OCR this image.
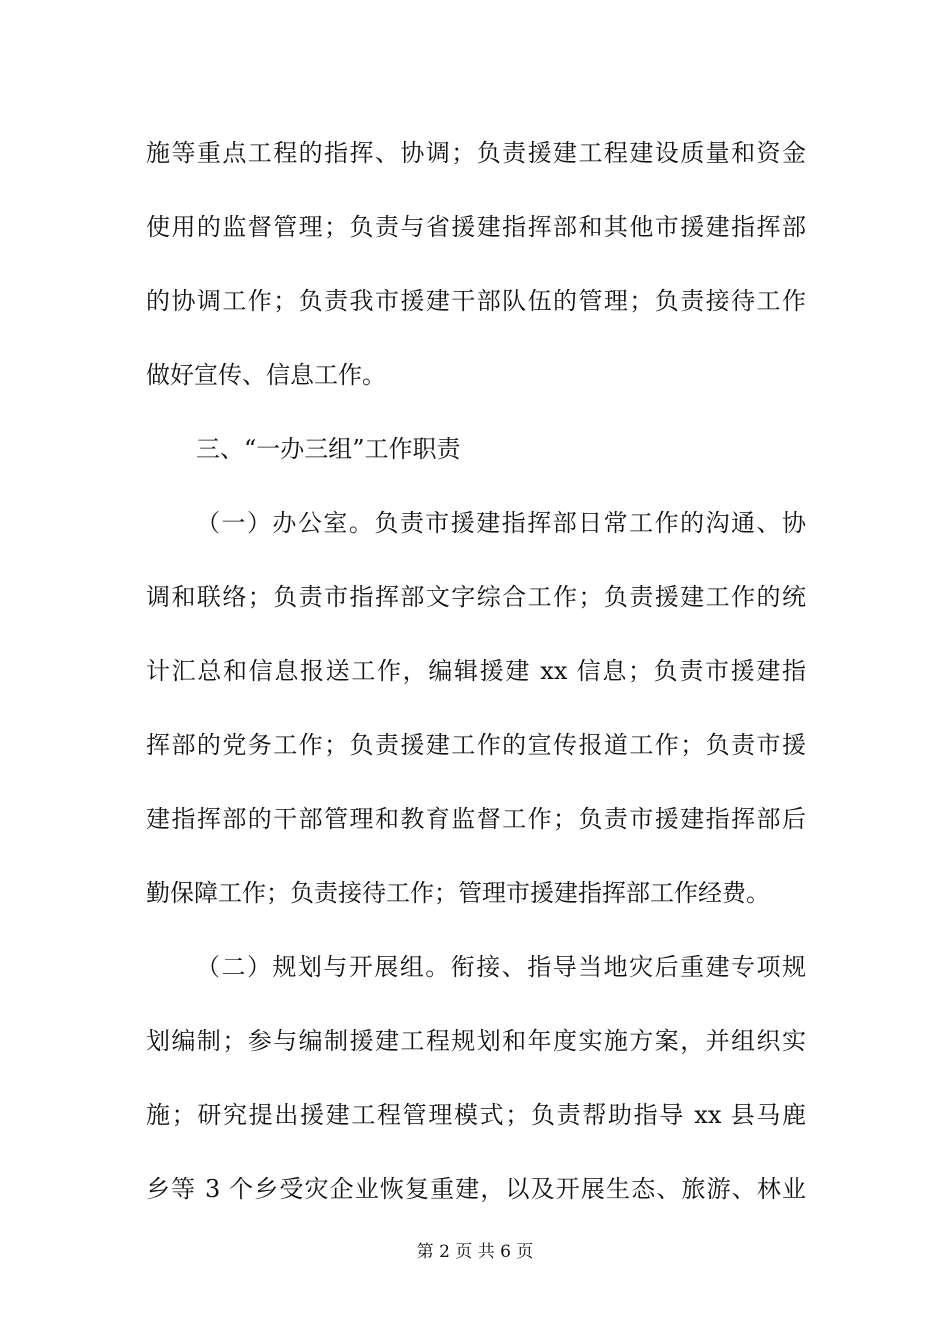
施等重点工程的指挥、协调；负责援建工程建设质量和资金
使用的监督管理；负责与省援建指挥部和其他市援建指挥部
的协调工作；负责我市援建干部队伍的管理；负责接待工作
做好宣传、信息工作。
三、“一办三组”工作职责
（一）办公室。负责市援建指挥部日常工作的沟通、协
调和联络；负责市指挥部文字综合工作；负责援建工作的统
计汇总和信息报送工作，编辑援建 xx 信息；负责市援建指
挥部的党务工作；负责援建工作的宣传报道工作；负责市援
建指挥部的干部管理和教育监督工作；负责市援建指挥部后
勤保障工作；负责接待工作；管理市援建指挥部工作经费。
（二）规划与开展组。衔接、指导当地灾后重建专项规
划编制；参与编制援建工程规划和年度实施方案，并组织实
施；研究提出援建工程管理模式；负责帮助指导 xx 县马鹿
乡等 3 个乡受灾企业恢复重建，以及开展生态、旅游、林业
第 2 页 共 6 页
